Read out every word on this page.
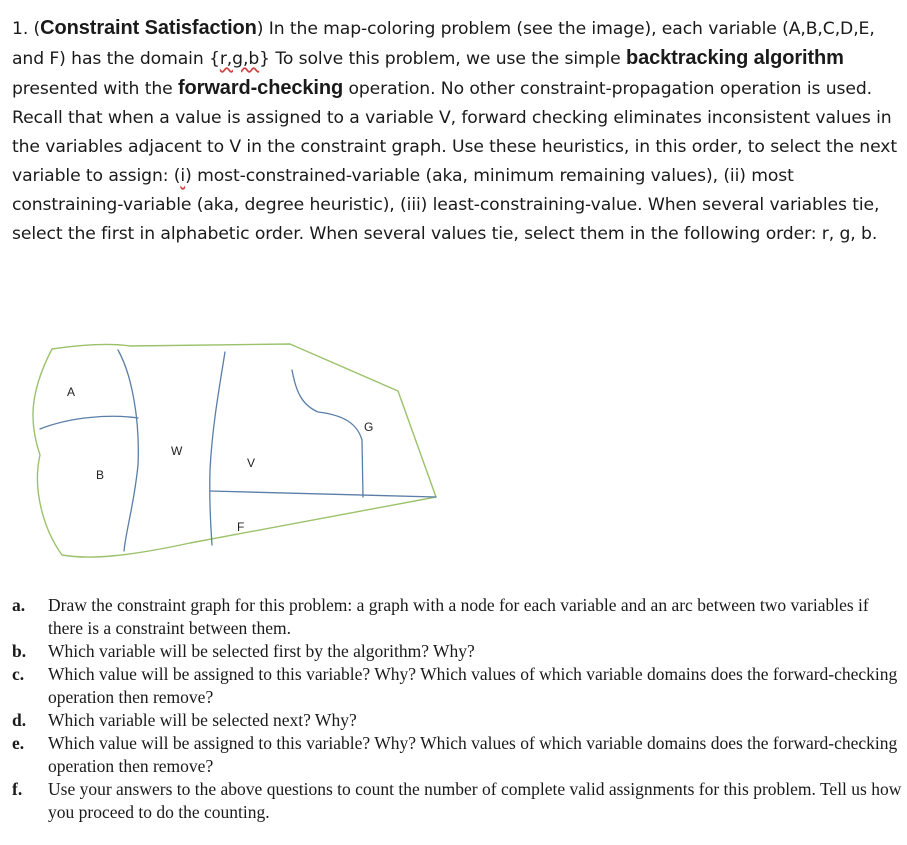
1. (Constraint Satisfaction) In the map-coloring problem (see the image), each variable (A,B,C,D,E, and F) has the domain {r,g,b} To solve this problem, we use the simple backtracking algorithm presented with the forward-checking operation. No other constraint-propagation operation is used. Recall that when a value is assigned to a variable V, forward checking eliminates inconsistent values in the variables adjacent to V in the constraint graph. Use these heuristics, in this order, to select the next variable to assign: (i) most-constrained-variable (aka, minimum remaining values), (ii) most constraining-variable (aka, degree heuristic), (iii) least-constraining-value. When several variables tie, select the first in alphabetic order. When several values tie, select them in the following order: r, g, b.
A
B
W
V
G
F
a.	Draw the constraint graph for this problem: a graph with a node for each variable and an arc between two variables if there is a constraint between them.
b.	Which variable will be selected first by the algorithm? Why?
c.	Which value will be assigned to this variable? Why? Which values of which variable domains does the forward-checking operation then remove?
d.	Which variable will be selected next? Why?
e.	Which value will be assigned to this variable? Why? Which values of which variable domains does the forward-checking operation then remove?
f.	Use your answers to the above questions to count the number of complete valid assignments for this problem. Tell us how you proceed to do the counting.
